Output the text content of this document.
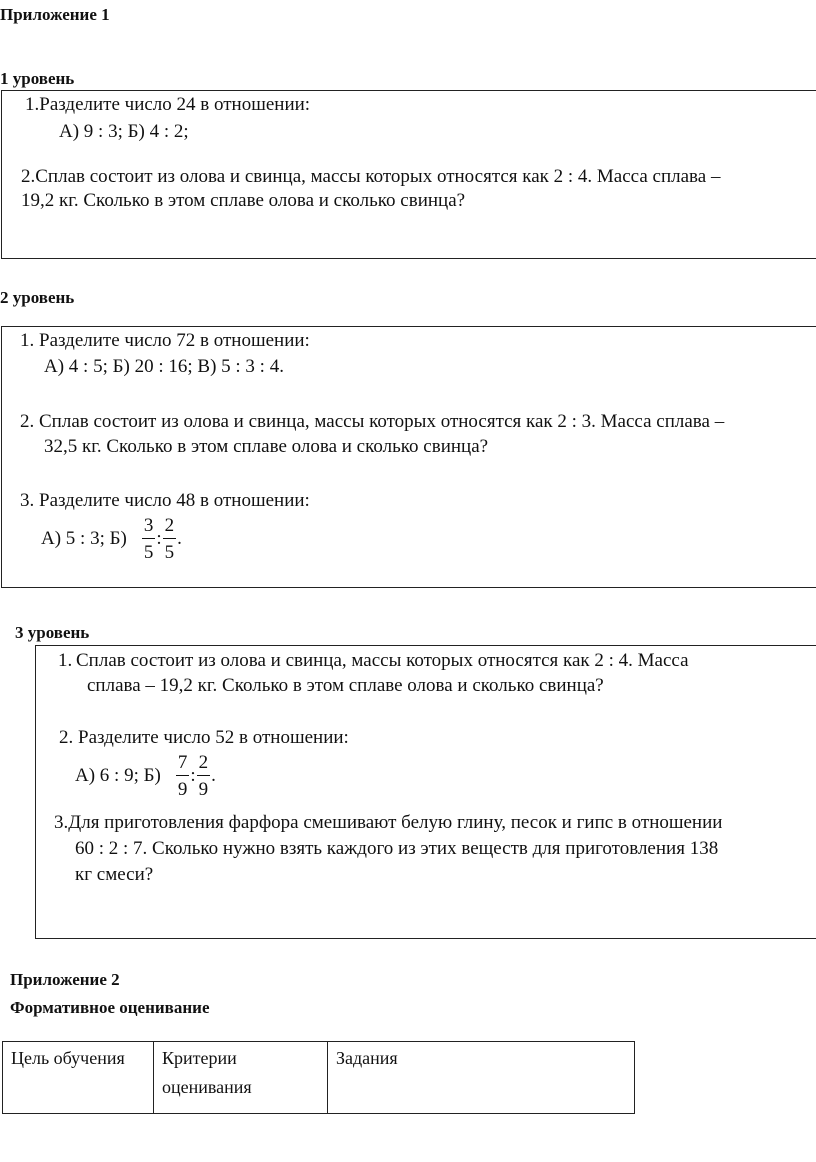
Приложение 1
1 уровень
1.Разделите число 24 в отношении:
А) 9 : 3; Б) 4 : 2;
2.Сплав состоит из олова и свинца, массы которых относятся как 2 : 4. Масса сплава –
19,2 кг. Сколько в этом сплаве олова и сколько свинца?
2 уровень
1. Разделите число 72 в отношении:
А) 4 : 5; Б) 20 : 16; В) 5 : 3 : 4.
2. Сплав состоит из олова и свинца, массы которых относятся как 2 : 3. Масса сплава –
32,5 кг. Сколько в этом сплаве олова и сколько свинца?
3. Разделите число 48 в отношении:
А) 5 : 3; $Б) \frac{3}{5}$ : $\frac{2}{5}$ .
3 уровень
1. Сплав состоит из олова и свинца, массы которых относятся как 2 : 4. Масса
сплава – 19,2 кг. Сколько в этом сплаве олова и сколько свинца?
2. Разделите число 52 в отношении:
А) 6 : 9; $Б) \frac{7}{9}$ : $\frac{2}{9}$ .
3.Для приготовления фарфора смешивают белую глину, песок и гипс в отношении
60 : 2 : 7. Сколько нужно взять каждого из этих веществ для приготовления 138
кг смеси?
Приложение 2
Формативное оценивание
Цель обучения	Критерии оценивания	Задания
